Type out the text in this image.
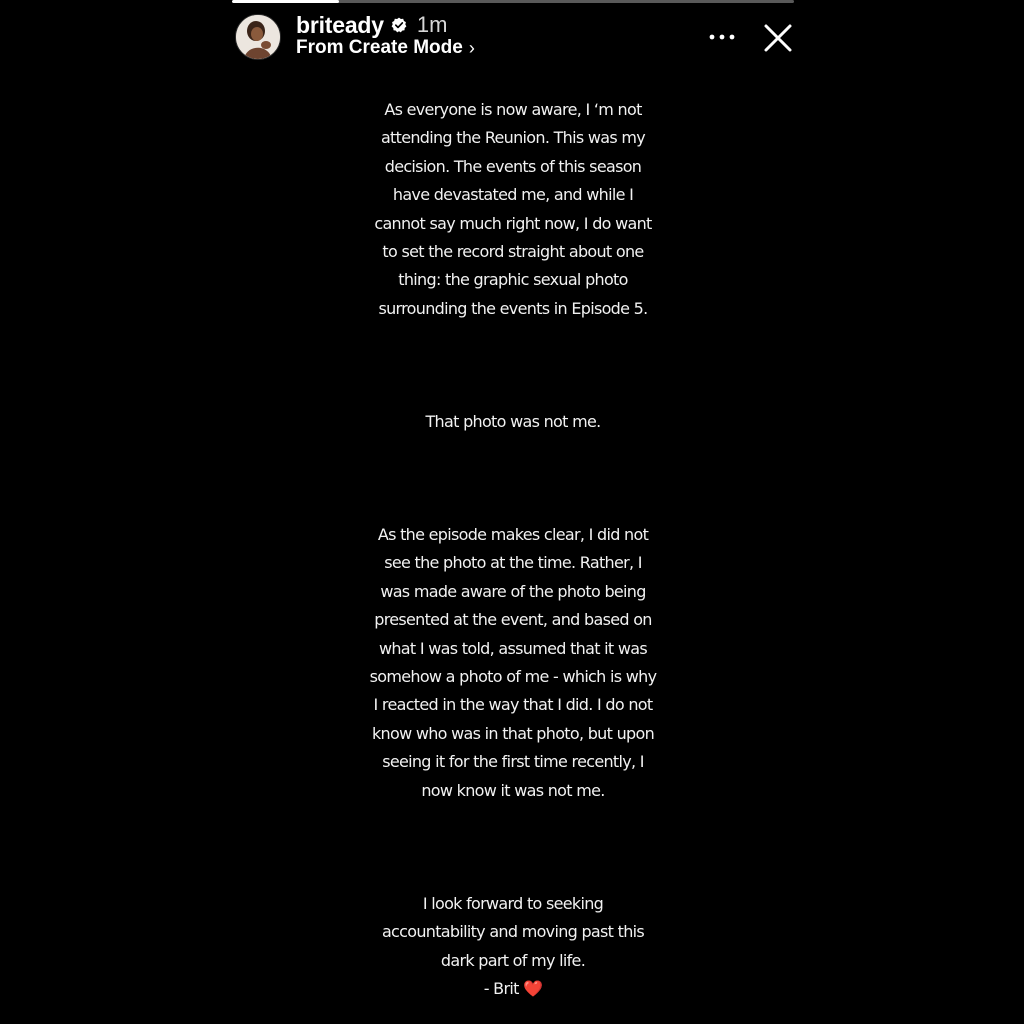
briteady 1m
From Create Mode ›
As everyone is now aware, I ‘m not
attending the Reunion. This was my
decision. The events of this season
have devastated me, and while I
cannot say much right now, I do want
to set the record straight about one
thing: the graphic sexual photo
surrounding the events in Episode 5.
That photo was not me.
As the episode makes clear, I did not
see the photo at the time. Rather, I
was made aware of the photo being
presented at the event, and based on
what I was told, assumed that it was
somehow a photo of me - which is why
I reacted in the way that I did. I do not
know who was in that photo, but upon
seeing it for the first time recently, I
now know it was not me.
I look forward to seeking
accountability and moving past this
dark part of my life.
- Brit ❤️
